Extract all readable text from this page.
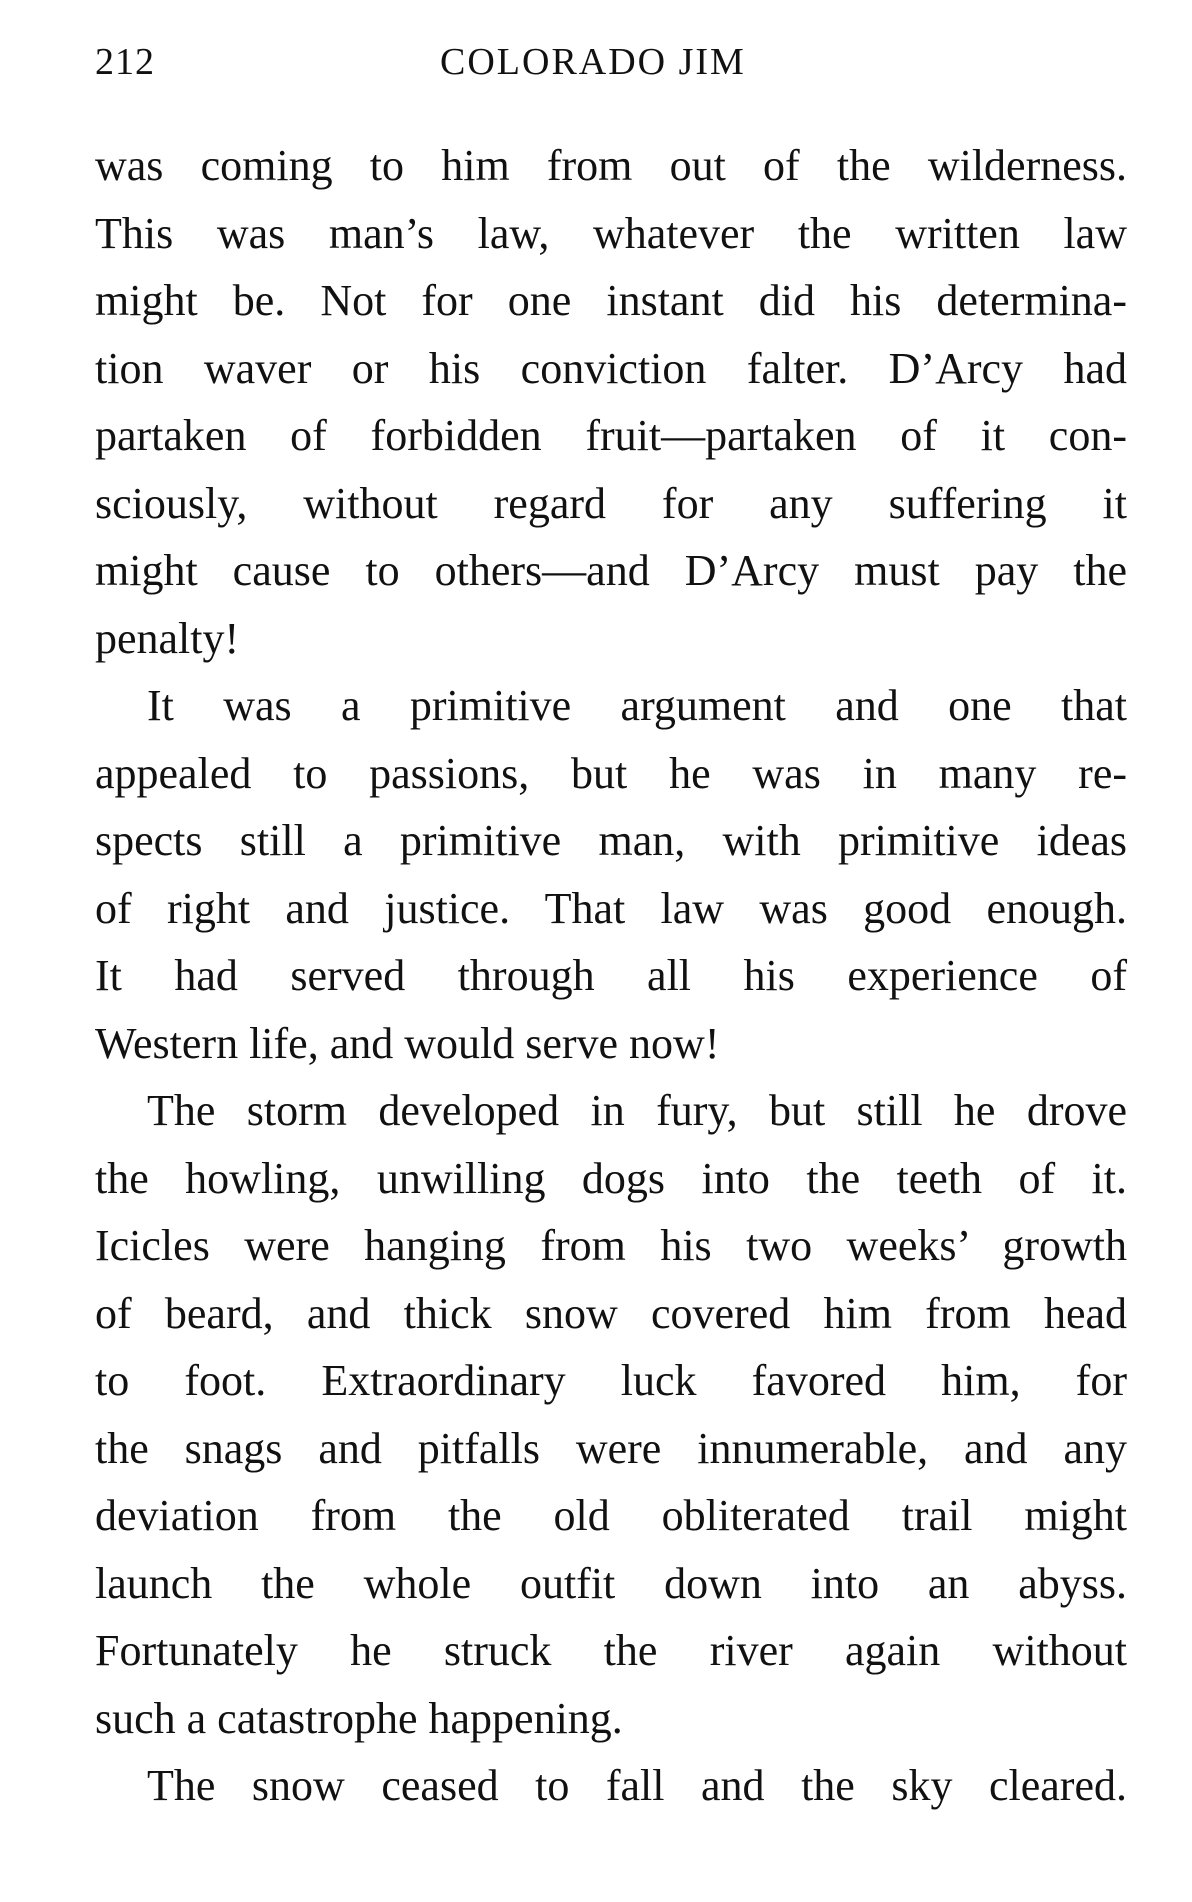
212	COLORADO JIM

was coming to him from out of the wilderness.
This was man’s law, whatever the written law
might be. Not for one instant did his determina-
tion waver or his conviction falter. D’Arcy had
partaken of forbidden fruit—partaken of it con-
sciously, without regard for any suffering it
might cause to others—and D’Arcy must pay the
penalty!

It was a primitive argument and one that
appealed to passions, but he was in many re-
spects still a primitive man, with primitive ideas
of right and justice. That law was good enough.
It had served through all his experience of
Western life, and would serve now!

The storm developed in fury, but still he drove
the howling, unwilling dogs into the teeth of it.
Icicles were hanging from his two weeks’ growth
of beard, and thick snow covered him from head
to foot. Extraordinary luck favored him, for
the snags and pitfalls were innumerable, and any
deviation from the old obliterated trail might
launch the whole outfit down into an abyss.
Fortunately he struck the river again without
such a catastrophe happening.

The snow ceased to fall and the sky cleared.
